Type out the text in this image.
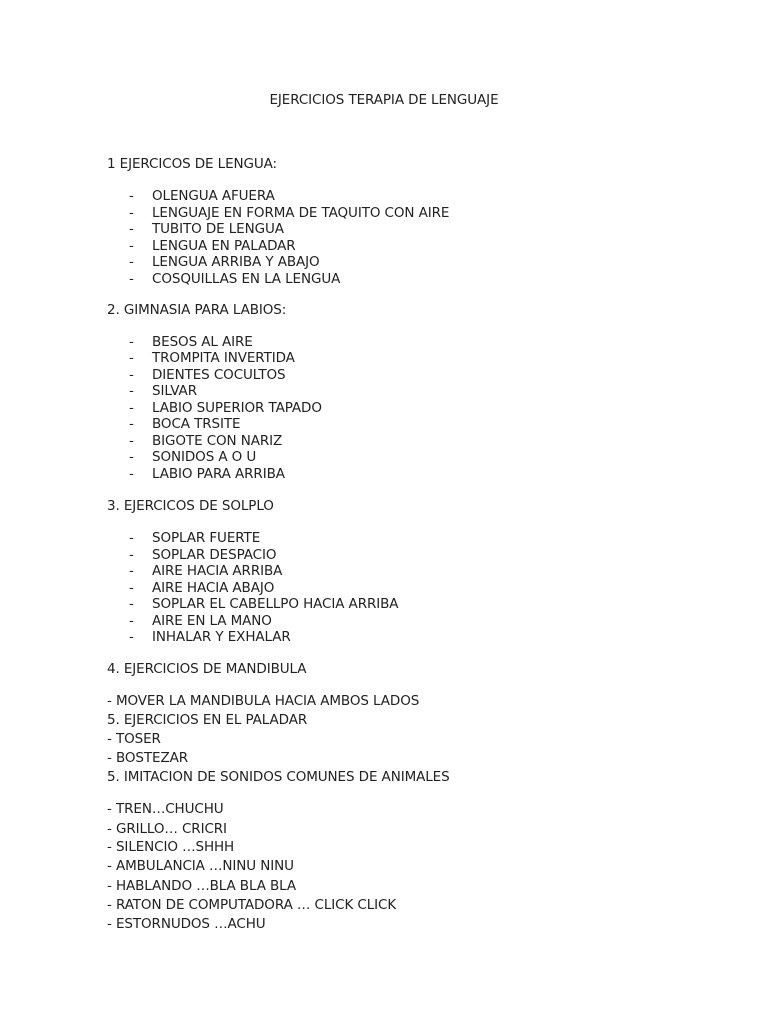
EJERCICIOS TERAPIA DE LENGUAJE
1 EJERCICOS DE LENGUA:
- OLENGUA AFUERA
- LENGUAJE EN FORMA DE TAQUITO CON AIRE
- TUBITO DE LENGUA
- LENGUA EN PALADAR
- LENGUA ARRIBA Y ABAJO
- COSQUILLAS EN LA LENGUA
2. GIMNASIA PARA LABIOS:
- BESOS AL AIRE
- TROMPITA INVERTIDA
- DIENTES COCULTOS
- SILVAR
- LABIO SUPERIOR TAPADO
- BOCA TRSITE
- BIGOTE CON NARIZ
- SONIDOS A O U
- LABIO PARA ARRIBA
3. EJERCICOS DE SOLPLO
- SOPLAR FUERTE
- SOPLAR DESPACIO
- AIRE HACIA ARRIBA
- AIRE HACIA ABAJO
- SOPLAR EL CABELLPO HACIA ARRIBA
- AIRE EN LA MANO
- INHALAR Y EXHALAR
4. EJERCICIOS DE MANDIBULA
- MOVER LA MANDIBULA HACIA AMBOS LADOS
5. EJERCICIOS EN EL PALADAR
- TOSER
- BOSTEZAR
5. IMITACION DE SONIDOS COMUNES DE ANIMALES
- TREN…CHUCHU
- GRILLO… CRICRI
- SILENCIO …SHHH
- AMBULANCIA …NINU NINU
- HABLANDO …BLA BLA BLA
- RATON DE COMPUTADORA … CLICK CLICK
- ESTORNUDOS …ACHU
